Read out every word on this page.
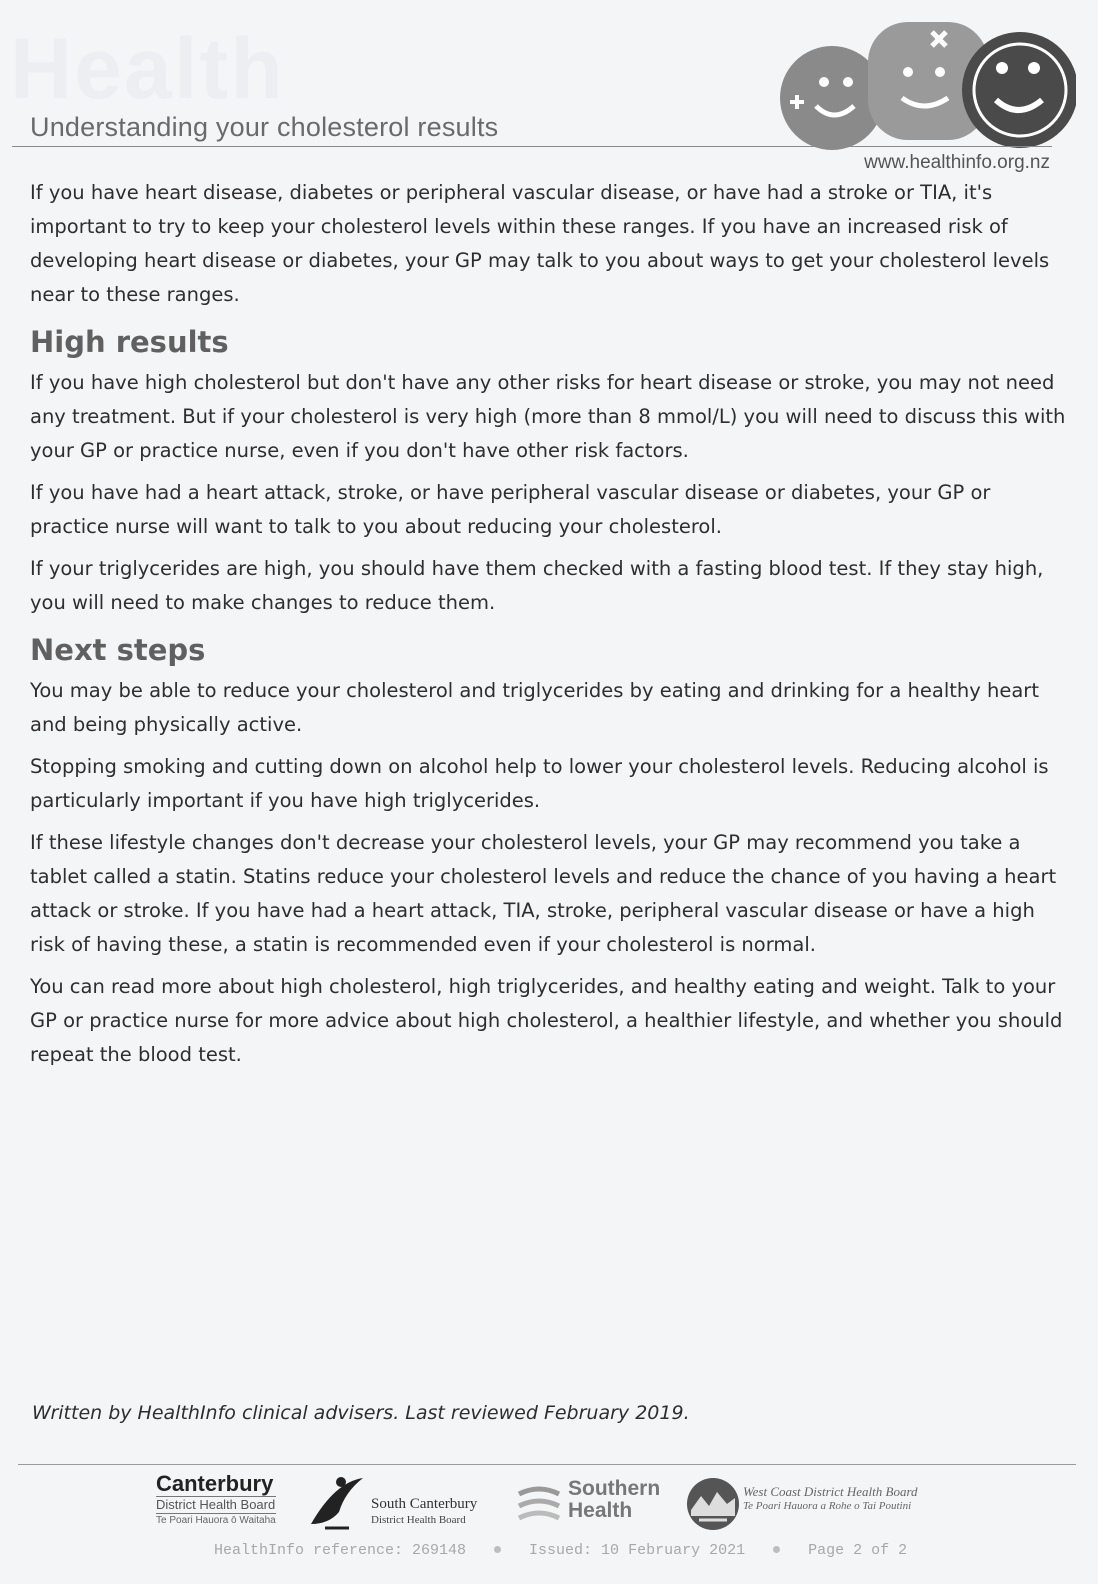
Health
Understanding your cholesterol results
www.healthinfo.org.nz

If you have heart disease, diabetes or peripheral vascular disease, or have had a stroke or TIA, it's important to try to keep your cholesterol levels within these ranges. If you have an increased risk of developing heart disease or diabetes, your GP may talk to you about ways to get your cholesterol levels near to these ranges.

High results

If you have high cholesterol but don't have any other risks for heart disease or stroke, you may not need any treatment. But if your cholesterol is very high (more than 8 mmol/L) you will need to discuss this with your GP or practice nurse, even if you don't have other risk factors.

If you have had a heart attack, stroke, or have peripheral vascular disease or diabetes, your GP or practice nurse will want to talk to you about reducing your cholesterol.

If your triglycerides are high, you should have them checked with a fasting blood test. If they stay high, you will need to make changes to reduce them.

Next steps

You may be able to reduce your cholesterol and triglycerides by eating and drinking for a healthy heart and being physically active.

Stopping smoking and cutting down on alcohol help to lower your cholesterol levels. Reducing alcohol is particularly important if you have high triglycerides.

If these lifestyle changes don't decrease your cholesterol levels, your GP may recommend you take a tablet called a statin. Statins reduce your cholesterol levels and reduce the chance of you having a heart attack or stroke. If you have had a heart attack, TIA, stroke, peripheral vascular disease or have a high risk of having these, a statin is recommended even if your cholesterol is normal.

You can read more about high cholesterol, high triglycerides, and healthy eating and weight. Talk to your GP or practice nurse for more advice about high cholesterol, a healthier lifestyle, and whether you should repeat the blood test.

Written by HealthInfo clinical advisers. Last reviewed February 2019.
Canterbury
District Health Board
Te Poari Hauora ō Waitaha
South Canterbury
District Health Board
Southern
Health
West Coast District Health Board
Te Poari Hauora a Rohe o Tai Poutini
HealthInfo reference: 269148	Issued: 10 February 2021	Page 2 of 2
